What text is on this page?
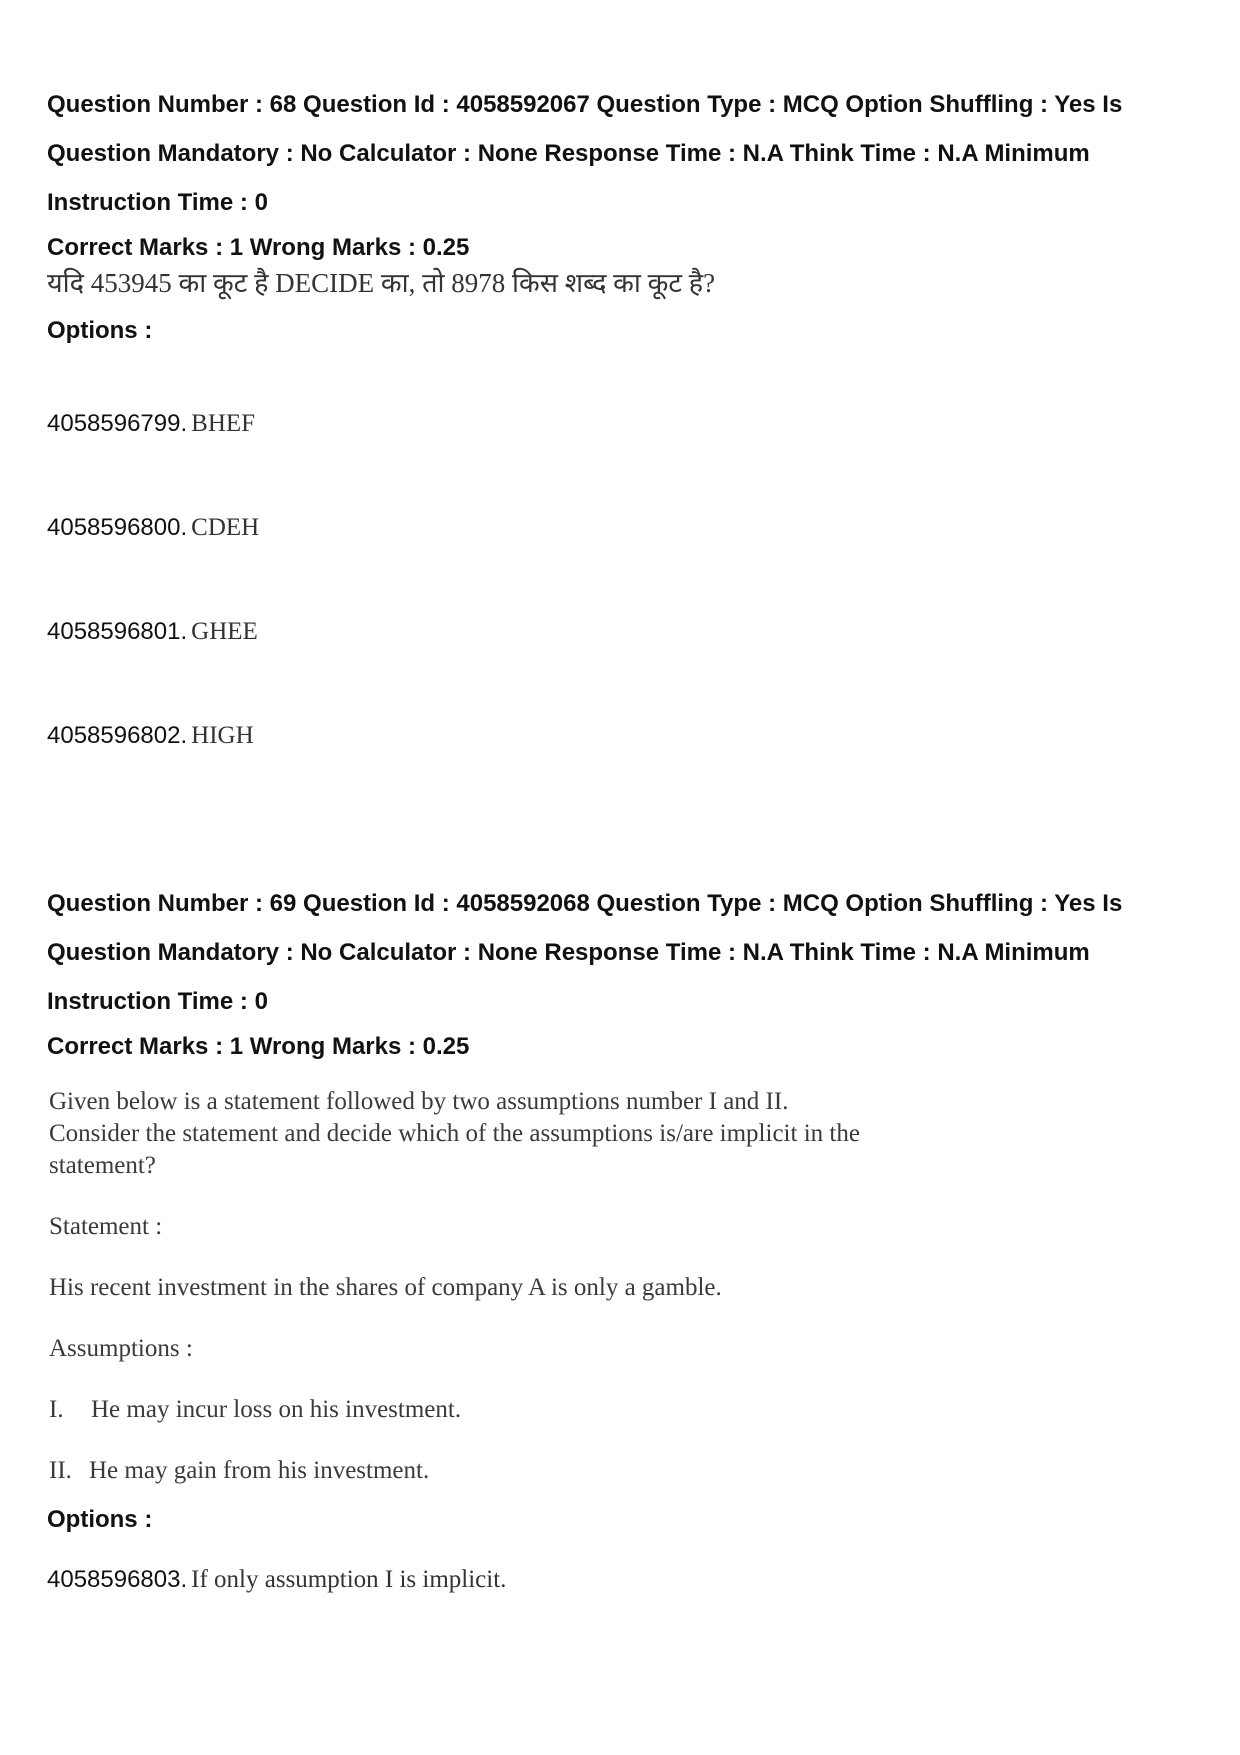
Question Number : 68 Question Id : 4058592067 Question Type : MCQ Option Shuffling : Yes Is
Question Mandatory : No Calculator : None Response Time : N.A Think Time : N.A Minimum
Instruction Time : 0
Correct Marks : 1 Wrong Marks : 0.25
यदि 453945 का कूट है DECIDE का, तो 8978 किस शब्द का कूट है?
Options :
4058596799. BHEF
4058596800. CDEH
4058596801. GHEE
4058596802. HIGH
Question Number : 69 Question Id : 4058592068 Question Type : MCQ Option Shuffling : Yes Is
Question Mandatory : No Calculator : None Response Time : N.A Think Time : N.A Minimum
Instruction Time : 0
Correct Marks : 1 Wrong Marks : 0.25
Given below is a statement followed by two assumptions number I and II.
Consider the statement and decide which of the assumptions is/are implicit in the
statement?
Statement :
His recent investment in the shares of company A is only a gamble.
Assumptions :
I. He may incur loss on his investment.
II. He may gain from his investment.
Options :
4058596803. If only assumption I is implicit.
